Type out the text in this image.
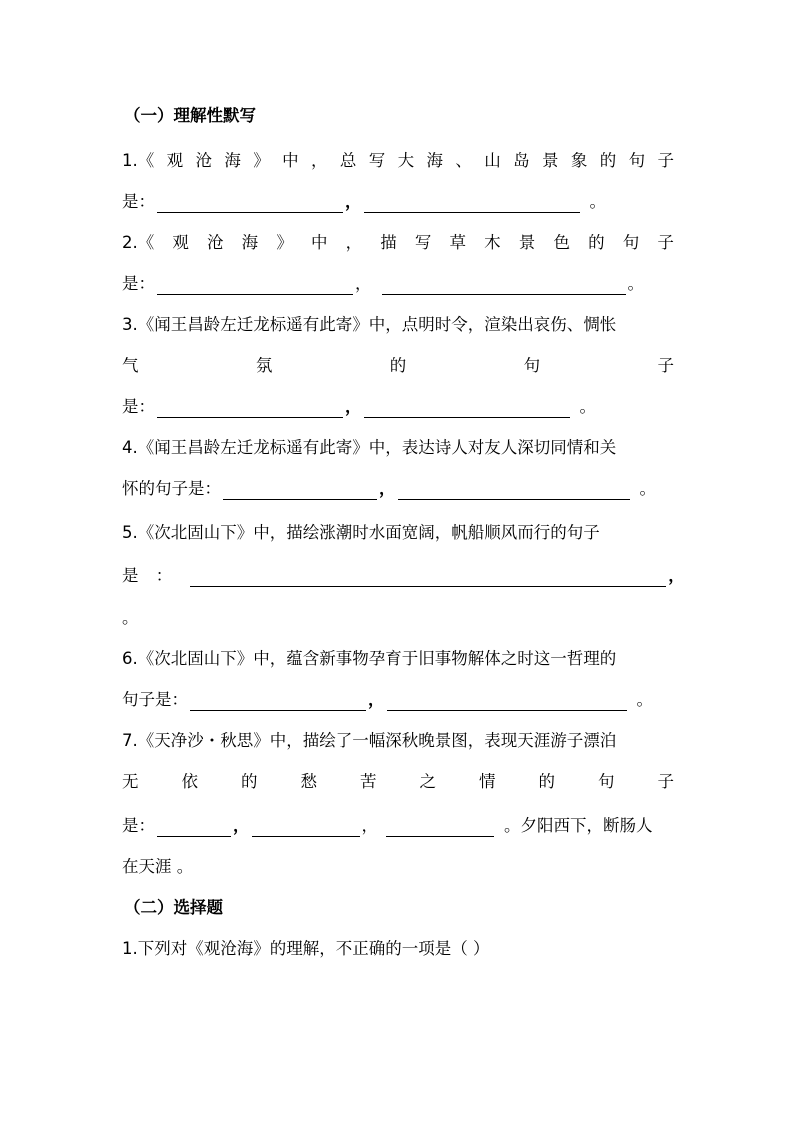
（一）理解性默写
1.《 观 沧 海 》 中 ， 总 写 大 海 、 山 岛 景 象 的 句 子
是：	，	。
2.《 观 沧 海 》 中 ， 描 写 草 木 景 色 的 句 子
是：	，	。
3.《闻王昌龄左迁龙标遥有此寄》中，点明时令，渲染出哀伤、惆怅
气	氛	的	句	子
是：	，	。
4.《闻王昌龄左迁龙标遥有此寄》中，表达诗人对友人深切同情和关
怀的句子是：	，	。
5.《次北固山下》中，描绘涨潮时水面宽阔，帆船顺风而行的句子
是 ：	，
。
6.《次北固山下》中，蕴含新事物孕育于旧事物解体之时这一哲理的
句子是：	，	。
7.《天净沙・秋思》中，描绘了一幅深秋晚景图，表现天涯游子漂泊
无	依	的	愁	苦	之	情	的	句	子
是：	，	，	。夕阳西下，断肠人
在天涯 。
（二）选择题
1.下列对《观沧海》的理解，不正确的一项是（ ）
